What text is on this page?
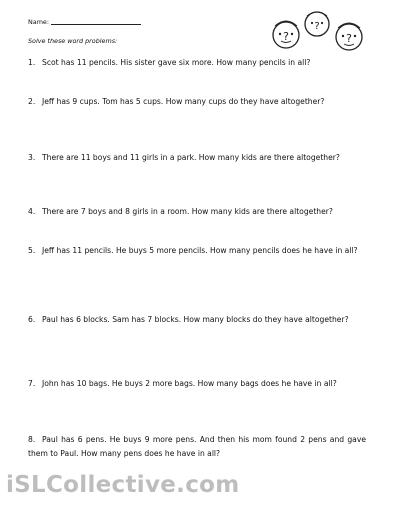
Name:
Solve these word problems:	?
?
?

1. Scot has 11 pencils. His sister gave six more. How many pencils in all?

2. Jeff has 9 cups. Tom has 5 cups. How many cups do they have altogether?

3. There are 11 boys and 11 girls in a park. How many kids are there altogether?

4. There are 7 boys and 8 girls in a room. How many kids are there altogether?

5. Jeff has 11 pencils. He buys 5 more pencils. How many pencils does he have in all?

6. Paul has 6 blocks. Sam has 7 blocks. How many blocks do they have altogether?

7. John has 10 bags. He buys 2 more bags. How many bags does he have in all?

8. Paul has 6 pens. He buys 9 more pens. And then his mom found 2 pens and gave them to Paul. How many pens does he have in all?

iSLCollective.com
